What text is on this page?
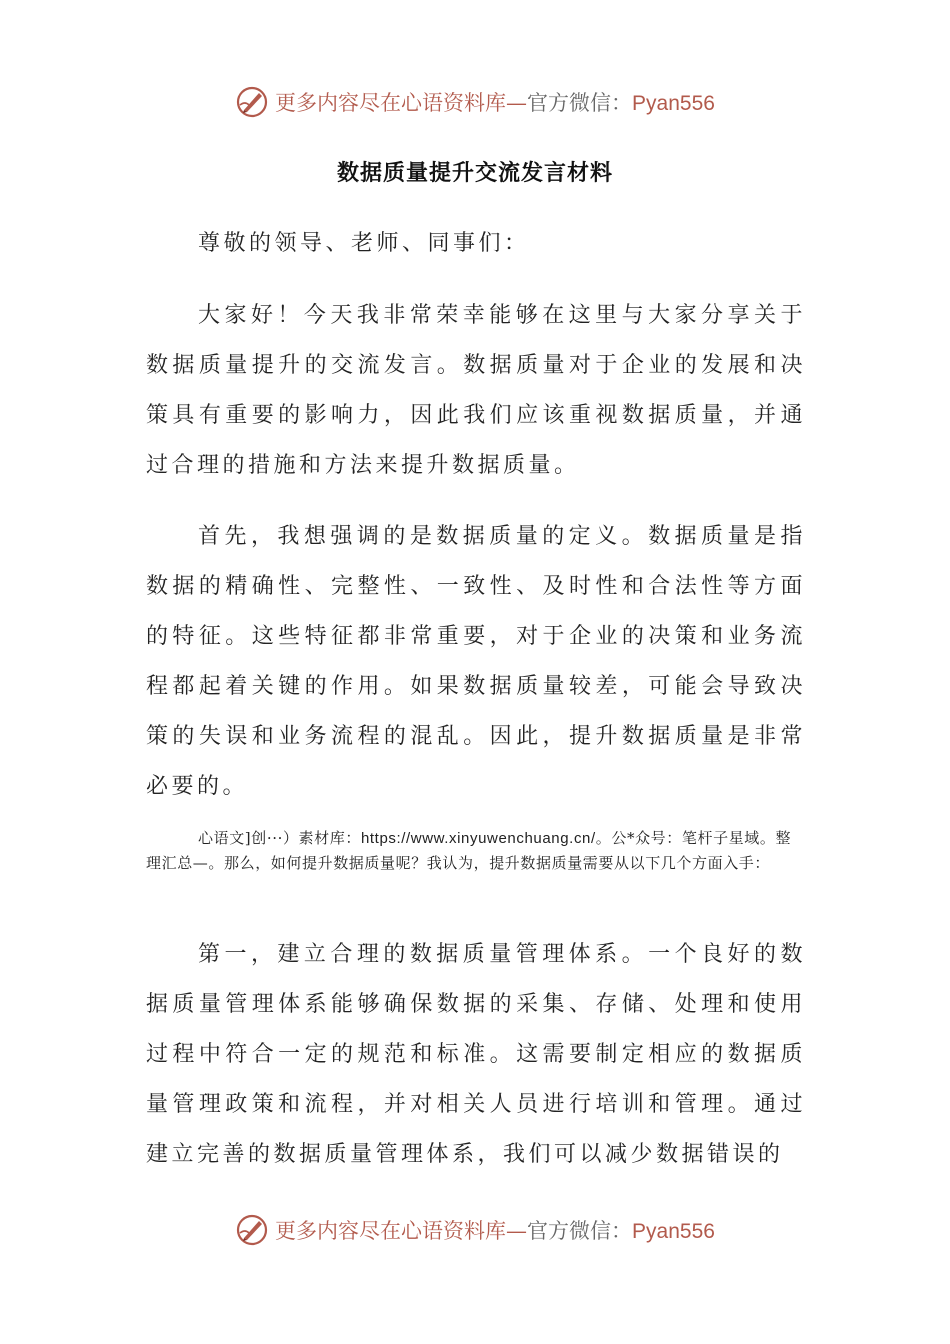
更多内容尽在心语资料库—官方微信：Pyan556
数据质量提升交流发言材料

尊敬的领导、老师、同事们：

大家好！今天我非常荣幸能够在这里与大家分享关于数据质量提升的交流发言。数据质量对于企业的发展和决策具有重要的影响力，因此我们应该重视数据质量，并通过合理的措施和方法来提升数据质量。

首先，我想强调的是数据质量的定义。数据质量是指数据的精确性、完整性、一致性、及时性和合法性等方面的特征。这些特征都非常重要，对于企业的决策和业务流程都起着关键的作用。如果数据质量较差，可能会导致决策的失误和业务流程的混乱。因此，提升数据质量是非常必要的。

心语文]创···）素材库：https://www.xinyuwenchuang.cn/。公*众号：笔杆子星域。整理汇总—。那么，如何提升数据质量呢？我认为，提升数据质量需要从以下几个方面入手：

第一，建立合理的数据质量管理体系。一个良好的数据质量管理体系能够确保数据的采集、存储、处理和使用过程中符合一定的规范和标准。这需要制定相应的数据质量管理政策和流程，并对相关人员进行培训和管理。通过建立完善的数据质量管理体系，我们可以减少数据错误的

更多内容尽在心语资料库—官方微信：Pyan556
